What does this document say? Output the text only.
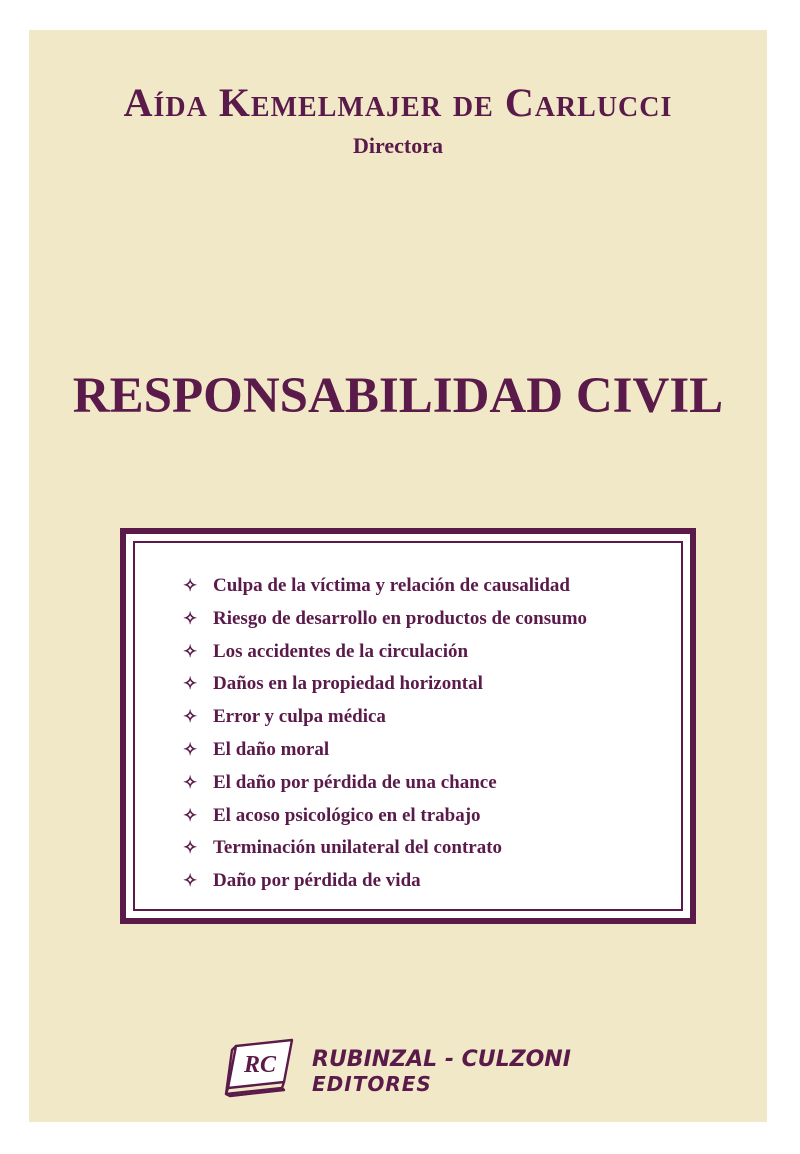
Aída Kemelmajer de Carlucci
Directora
RESPONSABILIDAD CIVIL
✧ Culpa de la víctima y relación de causalidad
✧ Riesgo de desarrollo en productos de consumo
✧ Los accidentes de la circulación
✧ Daños en la propiedad horizontal
✧ Error y culpa médica
✧ El daño moral
✧ El daño por pérdida de una chance
✧ El acoso psicológico en el trabajo
✧ Terminación unilateral del contrato
✧ Daño por pérdida de vida
RC RUBINZAL - CULZONI
EDITORES
